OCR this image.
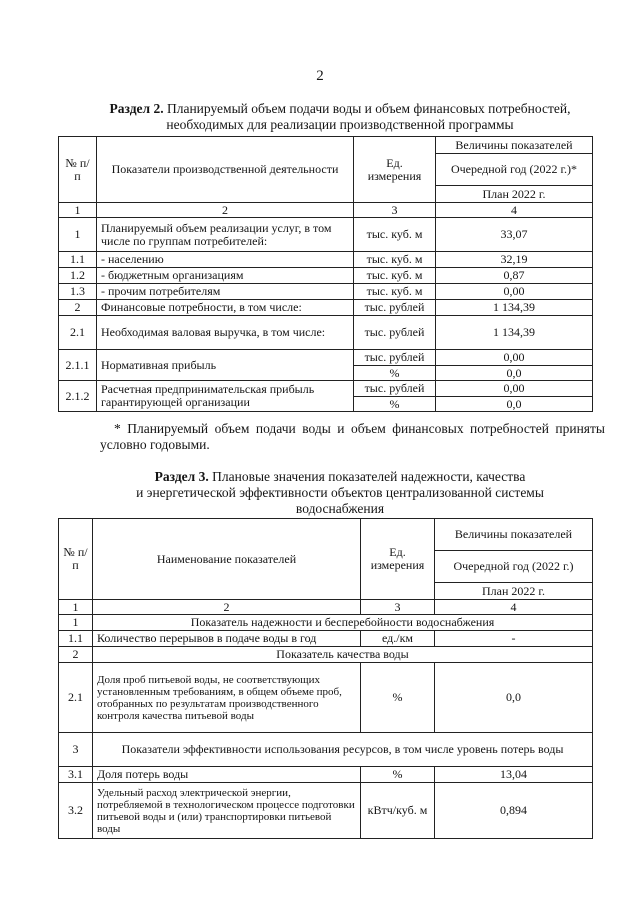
2
Раздел 2. Планируемый объем подачи воды и объем финансовых потребностей,
необходимых для реализации производственной программы
№ п/п	Показатели производственной деятельности	Ед. измерения	Величины показателей
			Очередной год (2022 г.)*
			План 2022 г.
1	2	3	4
1	Планируемый объем реализации услуг, в том числе по группам потребителей:	тыс. куб. м	33,07
1.1	- населению	тыс. куб. м	32,19
1.2	- бюджетным организациям	тыс. куб. м	0,87
1.3	- прочим потребителям	тыс. куб. м	0,00
2	Финансовые потребности, в том числе:	тыс. рублей	1 134,39
2.1	Необходимая валовая выручка, в том числе:	тыс. рублей	1 134,39
2.1.1	Нормативная прибыль	тыс. рублей	0,00
		%	0,0
2.1.2	Расчетная предпринимательская прибыль гарантирующей организации	тыс. рублей	0,00
		%	0,0
* Планируемый объем подачи воды и объем финансовых потребностей приняты условно годовыми.
Раздел 3. Плановые значения показателей надежности, качества
и энергетической эффективности объектов централизованной системы
водоснабжения
№ п/п	Наименование показателей	Ед. измерения	Величины показателей
			Очередной год (2022 г.)
			План 2022 г.
1	2	3	4
1	Показатель надежности и бесперебойности водоснабжения		
1.1	Количество перерывов в подаче воды в год	ед./км	-
2	Показатель качества воды		
2.1	Доля проб питьевой воды, не соответствующих установленным требованиям, в общем объеме проб, отобранных по результатам производственного контроля качества питьевой воды	%	0,0
3	Показатели эффективности использования ресурсов, в том числе уровень потерь воды		
3.1	Доля потерь воды	%	13,04
3.2	Удельный расход электрической энергии, потребляемой в технологическом процессе подготовки питьевой воды и (или) транспортировки питьевой воды	кВтч/куб. м	0,894
